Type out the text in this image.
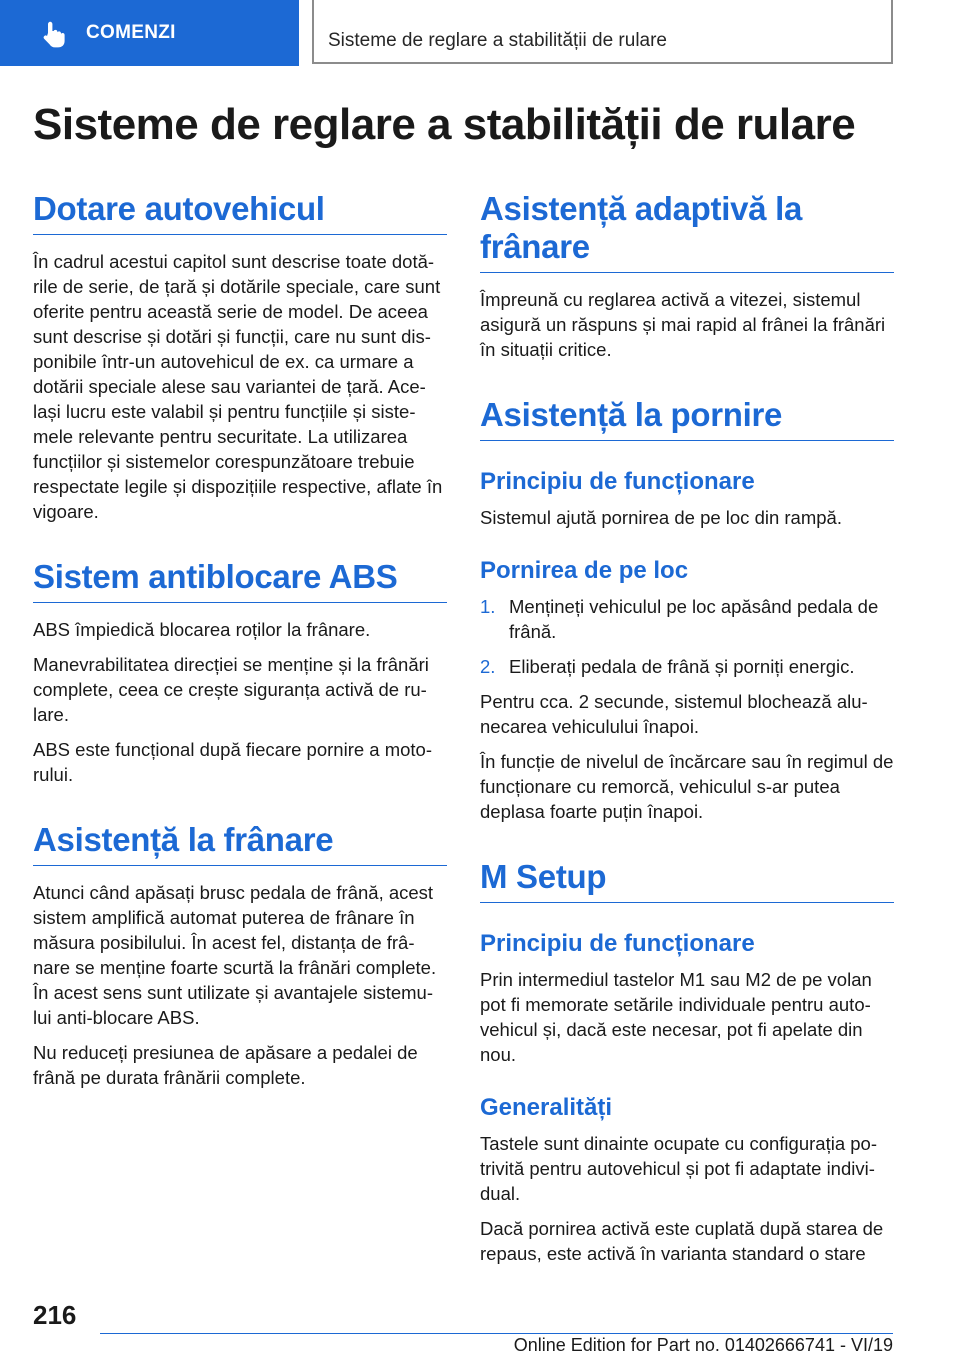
COMENZI	Sisteme de reglare a stabilității de rulare
Sisteme de reglare a stabilității de rulare
Dotare autovehicul

În cadrul acestui capitol sunt descrise toate dotă- rile de serie, de țară și dotările speciale, care sunt oferite pentru această serie de model. De aceea sunt descrise și dotări și funcții, care nu sunt dis- ponibile într-un autovehicul de ex. ca urmare a dotării speciale alese sau variantei de țară. Ace- lași lucru este valabil și pentru funcțiile și siste- mele relevante pentru securitate. La utilizarea funcțiilor și sistemelor corespunzătoare trebuie respectate legile și dispozițiile respective, aflate în vigoare.

Sistem antiblocare ABS

ABS împiedică blocarea roților la frânare.

Manevrabilitatea direcției se menține și la frânări complete, ceea ce crește siguranța activă de ru- lare.

ABS este funcțional după fiecare pornire a moto- rului.

Asistență la frânare

Atunci când apăsați brusc pedala de frână, acest sistem amplifică automat puterea de frânare în măsura posibilului. În acest fel, distanța de frâ- nare se menține foarte scurtă la frânări complete. În acest sens sunt utilizate și avantajele sistemu- lui anti-blocare ABS.

Nu reduceți presiunea de apăsare a pedalei de frână pe durata frânării complete.

Asistență adaptivă la frânare

Împreună cu reglarea activă a vitezei, sistemul asigură un răspuns și mai rapid al frânei la frânări în situații critice.

Asistență la pornire
Principiu de funcționare

Sistemul ajută pornirea de pe loc din rampă.

Pornirea de pe loc
1. Mențineți vehiculul pe loc apăsând pedala de frână.
2. Eliberați pedala de frână și porniți energic.

Pentru cca. 2 secunde, sistemul blochează alu- necarea vehiculului înapoi.

În funcție de nivelul de încărcare sau în regimul de funcționare cu remorcă, vehiculul s-ar putea deplasa foarte puțin înapoi.

M Setup
Principiu de funcționare

Prin intermediul tastelor M1 sau M2 de pe volan pot fi memorate setările individuale pentru auto- vehicul și, dacă este necesar, pot fi apelate din nou.

Generalități

Tastele sunt dinainte ocupate cu configurația po- trivită pentru autovehicul și pot fi adaptate indivi- dual.

Dacă pornirea activă este cuplată după starea de repaus, este activă în varianta standard o stare

216
Online Edition for Part no. 01402666741 - VI/19
